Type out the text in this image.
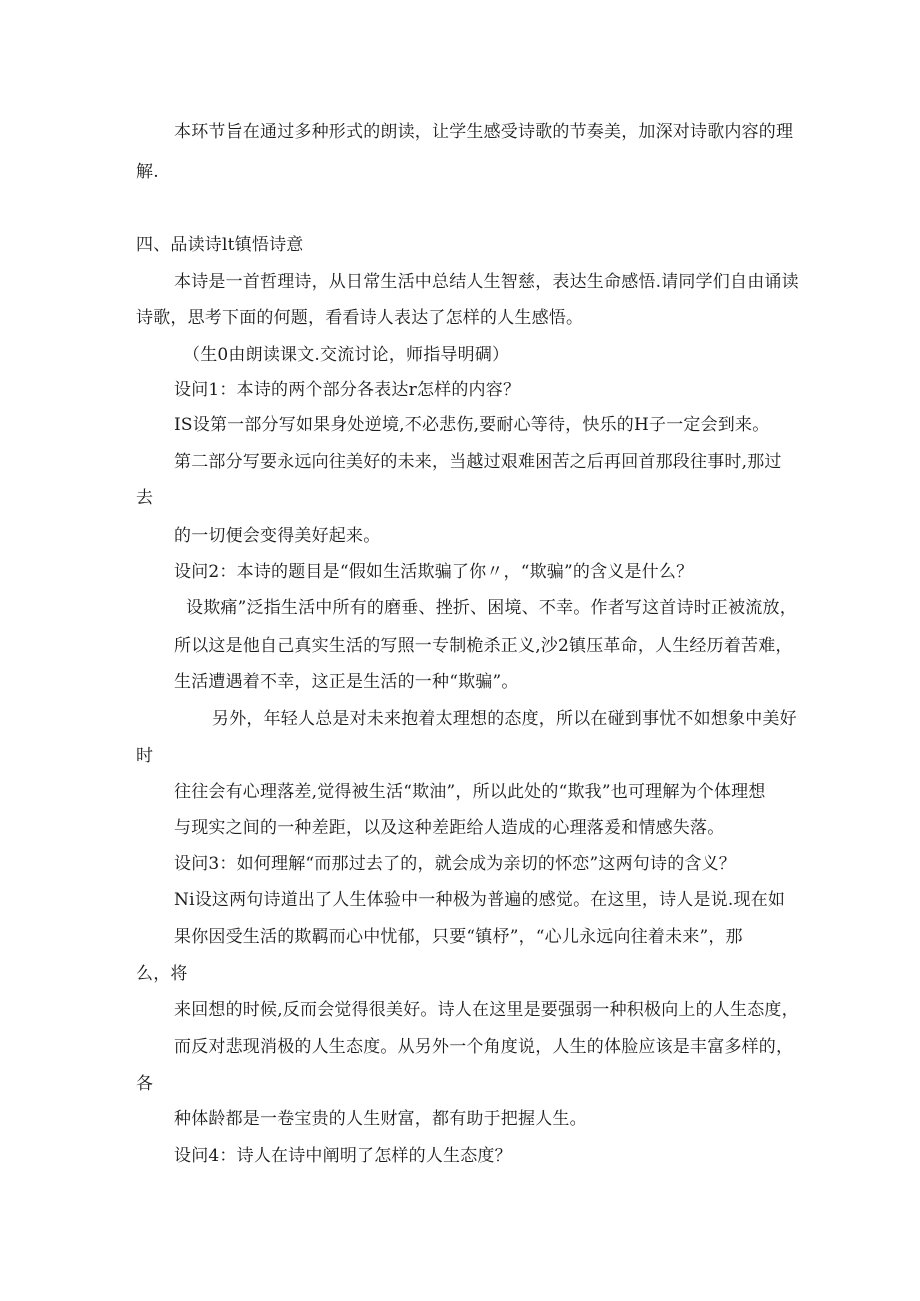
本环节旨在通过多种形式的朗读，让学生感受诗歌的节奏美，加深对诗歌内容的理
解.
四、品读诗lt镇悟诗意
本诗是一首哲理诗，从日常生活中总结人生智慈，表达生命感悟.请同学们自由诵读
诗歌，思考下面的何题，看看诗人表达了怎样的人生感悟。
（生0由朗读课文.交流讨论，师指导明碉）
设问1：本诗的两个部分各表达r怎样的内容？
IS设第一部分写如果身处逆境,不必悲伤,要耐心等待，快乐的H子一定会到来。
第二部分写要永远向往美好的未来，当越过艰难困苦之后再回首那段往事时,那过
去
的一切便会变得美好起来。
设问2：本诗的题目是“假如生活欺骗了你〃，“欺骗”的含义是什么？
设欺痛”泛指生活中所有的磨垂、挫折、困境、不幸。作者写这首诗时正被流放，
所以这是他自己真实生活的写照一专制桅杀正义,沙2镇压革命，人生经历着苦难，
生活遭遇着不幸，这正是生活的一种“欺骗”。
另外，年轻人总是对未来抱着太理想的态度，所以在碰到事忧不如想象中美好
时
往往会有心理落差,觉得被生活“欺油”，所以此处的“欺我”也可理解为个体理想
与现实之间的一种差距，以及这种差距给人造成的心理落爰和情感失落。
设问3：如何理解“而那过去了的，就会成为亲切的怀恋”这两句诗的含义？
Ni设这两句诗道出了人生体验中一种极为普遍的感觉。在这里，诗人是说.现在如
果你因受生活的欺羁而心中忧郁，只要“镇杼”，“心儿永远向往着未来”，那
么，将
来回想的时候,反而会觉得很美好。诗人在这里是要强弱一种积极向上的人生态度，
而反对悲现消极的人生态度。从另外一个角度说，人生的体脸应该是丰富多样的，
各
种体龄都是一卷宝贵的人生财富，都有助于把握人生。
设问4：诗人在诗中阐明了怎样的人生态度？
